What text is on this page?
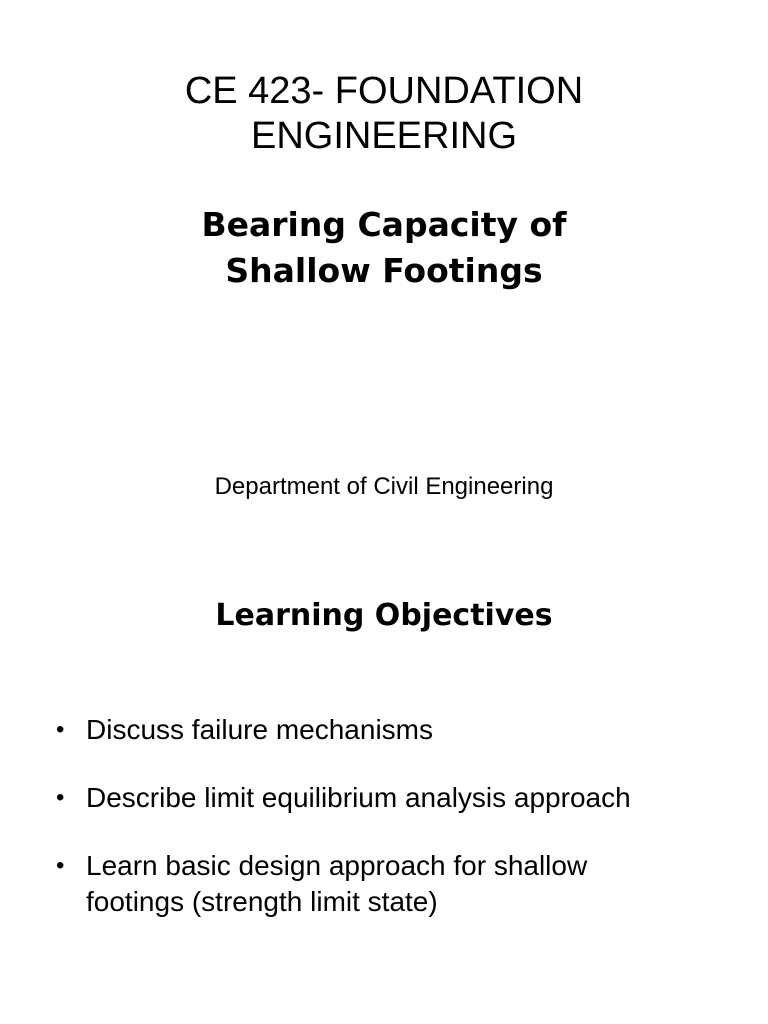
CE 423- FOUNDATION
ENGINEERING
Bearing Capacity of
Shallow Footings
Department of Civil Engineering
Learning Objectives
• Discuss failure mechanisms
• Describe limit equilibrium analysis approach
• Learn basic design approach for shallow
footings (strength limit state)
